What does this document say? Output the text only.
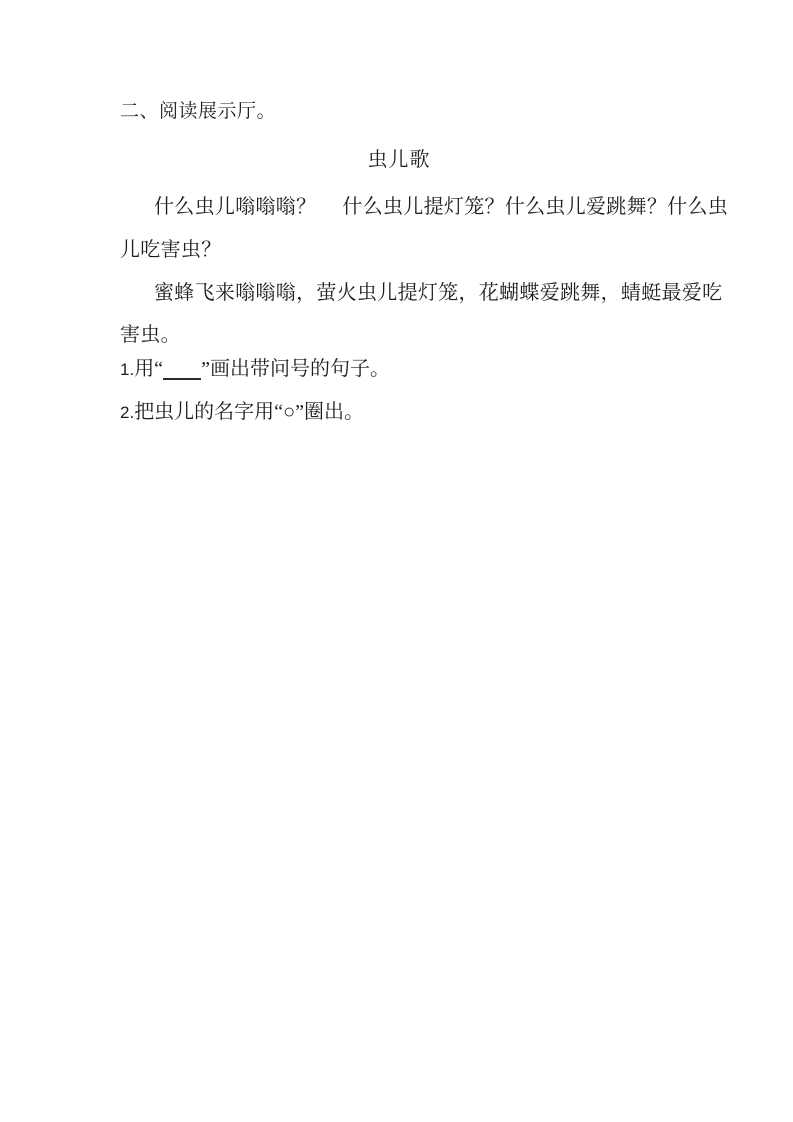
二、阅读展示厅。
虫儿歌
什么虫儿嗡嗡嗡？ 什么虫儿提灯笼？什么虫儿爱跳舞？什么虫
儿吃害虫？
蜜蜂飞来嗡嗡嗡，萤火虫儿提灯笼，花蝴蝶爱跳舞，蜻蜓最爱吃
害虫。
1.用“ ”画出带问号的句子。
2.把虫儿的名字用“○”圈出。
